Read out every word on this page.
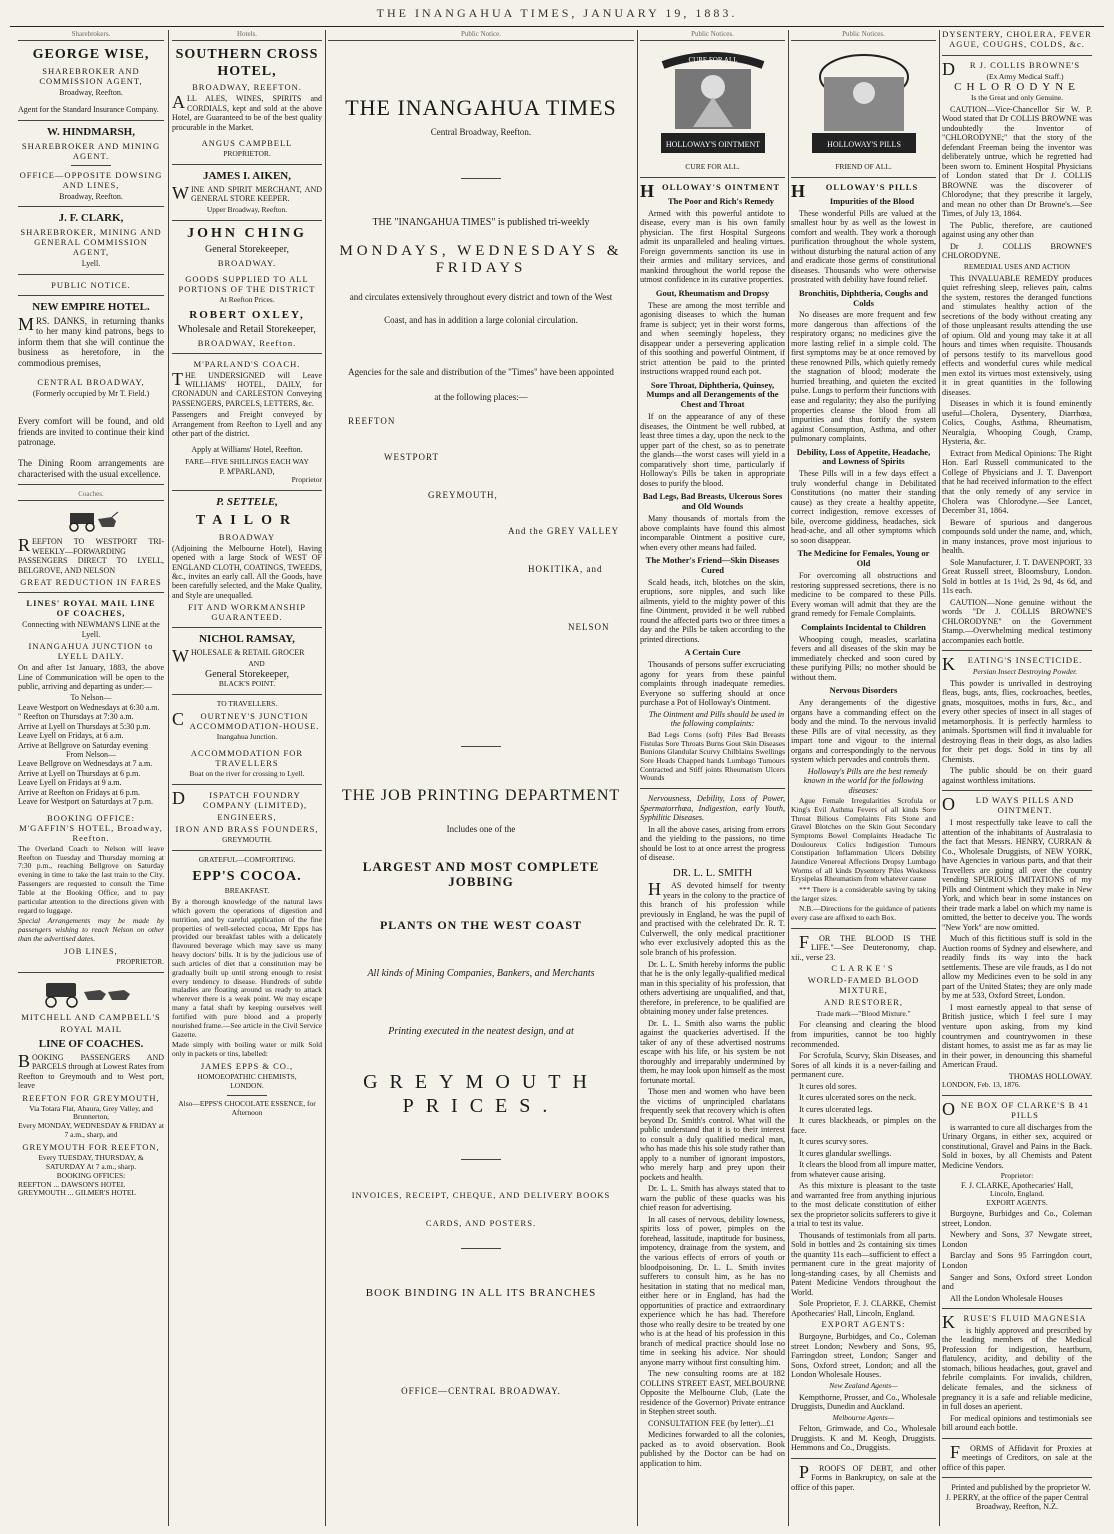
THE INANGAHUA TIMES, JANUARY 19, 1883.
Sharebrokers.
GEORGE WISE,
SHAREBROKER AND COMMISSION AGENT,
Broadway, Reefton.

Agent for the Standard Insurance Company.

W. HINDMARSH,
SHAREBROKER AND MINING AGENT.
OFFICE—OPPOSITE DOWSING AND LINES,
Broadway, Reefton.
J. F. CLARK,
SHAREBROKER, MINING AND GENERAL COMMISSION AGENT,
Lyell.
PUBLIC NOTICE.
NEW EMPIRE HOTEL.

MRS. DANKS, in returning thanks to her many kind patrons, begs to inform them that she will continue the business as heretofore, in the commodious premises,

CENTRAL BROADWAY,
(Formerly occupied by Mr T. Field.)

Every comfort will be found, and old friends are invited to continue their kind patronage.

The Dining Room arrangements are characterised with the usual excellence.

Coaches.

REEFTON TO WESTPORT TRI-WEEKLY—FORWARDING PASSENGERS DIRECT TO LYELL, BELGROVE, AND NELSON

GREAT REDUCTION IN FARES
LINES' ROYAL MAIL LINE OF COACHES,
Connecting with NEWMAN'S LINE at the Lyell.
INANGAHUA JUNCTION to LYELL DAILY.

On and after 1st January, 1883, the above Line of Communication will be open to the public, arriving and departing as under:—

To Nelson—
Leave Westport on Wednesdays at 6:30 a.m.
" Reefton on Thursdays at 7:30 a.m.
Arrive at Lyell on Thursdays at 5:30 p.m.
Leave Lyell on Fridays, at 6 a.m.
Arrive at Bellgrove on Saturday evening
From Nelson—
Leave Bellgrove on Wednesdays at 7 a.m.
Arrive at Lyell on Thursdays at 6 p.m.
Leave Lyell on Fridays at 9 a.m.
Arrive at Reefton on Fridays at 6 p.m.
Leave for Westport on Saturdays at 7 p.m.
BOOKING OFFICE: M'GAFFIN'S HOTEL, Broadway, Reefton.

The Overland Coach to Nelson will leave Reefton on Tuesday and Thursday morning at 7:30 p.m., reaching Bellgrove on Saturday evening in time to take the last train to the City. Passengers are requested to consult the Time Table at the Booking Office, and to pay particular attention to the directions given with regard to luggage.

Special Arrangements may be made by passengers wishing to reach Nelson on other than the advertised dates.

JOB LINES,
PROPRIETOR.
MITCHELL AND CAMPBELL'S
ROYAL MAIL
LINE OF COACHES.

BOOKING PASSENGERS AND PARCELS through at Lowest Rates from Reefton to Greymouth and to West port, leave

REEFTON FOR GREYMOUTH,
Via Totara Flat, Ahaura, Grey Valley, and Brunnerton,
Every MONDAY, WEDNESDAY & FRIDAY at 7 a.m., sharp, and
GREYMOUTH FOR REEFTON,
Every TUESDAY, THURSDAY, & SATURDAY At 7 a.m., sharp.
BOOKING OFFICES:
REEFTON ... DAWSON'S HOTEL
GREYMOUTH ... GILMER'S HOTEL
Hotels.
SOUTHERN CROSS HOTEL,
BROADWAY, REEFTON.

ALL ALES, WINES, SPIRITS and CORDIALS, kept and sold at the above Hotel, are Guaranteed to be of the best quality procurable in the Market.

ANGUS CAMPBELL
PROPRIETOR.
JAMES I. AIKEN,

WINE AND SPIRIT MERCHANT, AND GENERAL STORE KEEPER.

Upper Broadway, Reefton.
JOHN CHING
General Storekeeper,
BROADWAY.
GOODS SUPPLIED TO ALL PORTIONS OF THE DISTRICT
At Reefton Prices.
ROBERT OXLEY,
Wholesale and Retail Storekeeper,
BROADWAY, Reefton.
M'PARLAND'S COACH.

THE UNDERSIGNED will Leave WILLIAMS' HOTEL, DAILY, for CRONADUN and CARLESTON Conveying PASSENGERS, PARCELS, LETTERS, &c.

Passengers and Freight conveyed by Arrangement from Reefton to Lyell and any other part of the district.

Apply at Williams' Hotel, Reefton.
FARE—FIVE SHILLINGS EACH WAY
P. M'PARLAND,
Proprietor
P. SETTELE,
TAILOR
BROADWAY

(Adjoining the Melbourne Hotel), Having opened with a large Stock of WEST OF ENGLAND CLOTH, COATINGS, TWEEDS, &c., invites an early call. All the Goods, have been carefully selected, and the Make Quality, and Style are unequalled.

FIT AND WORKMANSHIP GUARANTEED.
NICHOL RAMSAY,

WHOLESALE & RETAIL GROCER

AND
General Storekeeper,
BLACK'S POINT.
TO TRAVELLERS.
COURTNEY'S JUNCTION ACCOMMODATION-HOUSE.
Inangahua Junction.
ACCOMMODATION FOR TRAVELLERS
Boat on the river for crossing to Lyell.
DISPATCH FOUNDRY COMPANY (LIMITED),
ENGINEERS,
IRON AND BRASS FOUNDERS,
GREYMOUTH.
GRATEFUL—COMFORTING.
EPP'S COCOA.
BREAKFAST.

By a thorough knowledge of the natural laws which govern the operations of digestion and nutrition, and by careful application of the fine properties of well-selected cocoa, Mr Epps has provided our breakfast tables with a delicately flavoured beverage which may save us many heavy doctors' bills. It is by the judicious use of such articles of diet that a constitution may be gradually built up until strong enough to resist every tendency to disease. Hundreds of subtle maladies are floating around us ready to attack wherever there is a weak point. We may escape many a fatal shaft by keeping ourselves well fortified with pure blood and a properly nourished frame.—See article in the Civil Service Gazette.

Made simply with boiling water or milk Sold only in packets or tins, labelled:

JAMES EPPS & CO.,
HOMOEOPATHIC CHEMISTS,
LONDON.
Also—EPPS'S CHOCOLATE ESSENCE, for Afternoon
Public Notice.
THE INANGAHUA TIMES
Central Broadway, Reefton.
THE "INANGAHUA TIMES" is published tri-weekly
MONDAYS, WEDNESDAYS & FRIDAYS
and circulates extensively throughout every district and town of the West
Coast, and has in addition a large colonial circulation.
Agencies for the sale and distribution of the "Times" have been appointed
at the following places:—
REEFTON
WESTPORT
GREYMOUTH,
And the GREY VALLEY
HOKITIKA, and
NELSON
THE JOB PRINTING DEPARTMENT
Includes one of the
LARGEST AND MOST COMPLETE JOBBING
PLANTS ON THE WEST COAST
All kinds of Mining Companies, Bankers, and Merchants
Printing executed in the neatest design, and at
GREYMOUTH PRICES.
INVOICES, RECEIPT, CHEQUE, AND DELIVERY BOOKS
CARDS, AND POSTERS.
BOOK BINDING IN ALL ITS BRANCHES
OFFICE—CENTRAL BROADWAY.
Public Notices.
CURE FOR ALL
HOLLOWAY'S OINTMENT
CURE FOR ALL.
HOLLOWAY'S OINTMENT
The Poor and Rich's Remedy

Armed with this powerful antidote to disease, every man is his own family physician. The first Hospital Surgeons admit its unparalleled and healing virtues. Foreign governments sanction its use in their armies and military services, and mankind throughout the world repose the utmost confidence in its curative properties.

Gout, Rheumatism and Dropsy

These are among the most terrible and agonising diseases to which the human frame is subject; yet in their worst forms, and when seemingly hopeless, they disappear under a persevering application of this soothing and powerful Ointment, if strict attention be paid to the printed instructions wrapped round each pot.

Sore Throat, Diphtheria, Quinsey, Mumps and all Derangements of the Chest and Throat

If on the appearance of any of these diseases, the Ointment be well rubbed, at least three times a day, upon the neck to the upper part of the chest, so as to penetrate the glands—the worst cases will yield in a comparatively short time, particularly if Holloway's Pills be taken in appropriate doses to purify the blood.

Bad Legs, Bad Breasts, Ulcerous Sores and Old Wounds

Many thousands of mortals from the above complaints have found this almost incomparable Ointment a positive cure, when every other means had failed.

The Mother's Friend—Skin Diseases Cured

Scald heads, itch, blotches on the skin, eruptions, sore nipples, and such like ailments, yield to the mighty power of this fine Ointment, provided it be well rubbed round the affected parts two or three times a day and the Pills be taken according to the printed directions.

A Certain Cure

Thousands of persons suffer excruciating agony for years from these painful complaints through inadequate remedies. Everyone so suffering should at once purchase a Pot of Holloway's Ointment.

The Ointment and Pills should be used in the following complaints:

Bad Legs Corns (soft) Piles Bad Breasts Fistulas Sore Throats Burns Gout Skin Diseases Bunions Glandular Scurvy Chilblains Swellings Sore Heads Chapped hands Lumbago Tumours Contracted and Stiff joints Rheumatism Ulcers Wounds

Nervousness, Debility, Loss of Power, Spermatorrhœa, Indigestion, early Youth, Syphilitic Diseases.

In all the above cases, arising from errors and the yielding to the passions, no time should be lost to at once arrest the progress of disease.

DR. L. L. SMITH

HAS devoted himself for twenty years in the colony to the practice of this branch of his profession while previously in England, he was the pupil of and practised with the celebrated Dr. R. T. Culverwell, the only medical practitioner who ever exclusively adopted this as the sole branch of his profession.

Dr. L. L. Smith hereby informs the public that he is the only legally-qualified medical man in this speciality of his profession, that others advertising are unqualified, and that, therefore, in preference, to be qualified are obtaining money under false pretences.

Dr. L. L. Smith also warns the public against the quackeries advertised. If the taker of any of these advertised nostrums escape with his life, or his system be not thoroughly and irreparably undermined by them, he may look upon himself as the most fortunate mortal.

Those men and women who have been the victims of unprincipled charlatans frequently seek that recovery which is often beyond Dr. Smith's control. What will the public understand that it is to their interest to consult a duly qualified medical man, who has made this his sole study rather than apply to a number of ignorant impostors, who merely harp and prey upon their pockets and health.

Dr. L. L. Smith has always stated that to warn the public of these quacks was his chief reason for advertising.

In all cases of nervous, debility lowness, spirits loss of power, pimples on the forehead, lassitude, inaptitude for business, impotency, drainage from the system, and the various effects of errors of youth or bloodpoisoning. Dr. L. L. Smith invites sufferers to consult him, as he has no hesitation in stating that no medical man, either here or in England, has had the opportunities of practice and extraordinary experience which he has had. Therefore those who really desire to be treated by one who is at the head of his profession in this branch of medical practice should lose no time in seeking his advice. Nor should anyone marry without first consulting him.

The new consulting rooms are at 182 COLLINS STREET EAST, MELBOURNE Opposite the Melbourne Club, (Late the residence of the Governor) Private entrance in Stephen street south.

CONSULTATION FEE (by letter)...£1

Medicines forwarded to all the colonies, packed as to avoid observation. Book published by the Doctor can be had on application to him.

Public Notices.
HOLLOWAY'S PILLS
FRIEND OF ALL.
HOLLOWAY'S PILLS
Impurities of the Blood

These wonderful Pills are valued at the smallest hour by as well as the lowest in comfort and wealth. They work a thorough purification throughout the whole system, without disturbing the natural action of any and eradicate those germs of constitutional diseases. Thousands who were otherwise prostrated with debility have found relief.

Bronchitis, Diphtheria, Coughs and Colds

No diseases are more frequent and few more dangerous than affections of the respiratory organs; no medicines give the more lasting relief in a simple cold. The first symptoms may be at once removed by these renowned Pills, which quietly remedy the stagnation of blood; moderate the hurried breathing, and quieten the excited pulse. Lungs to perform their functions with ease and regularity; they also the purifying properties cleanse the blood from all impurities and thus fortify the system against Consumption, Asthma, and other pulmonary complaints.

Debility, Loss of Appetite, Headache, and Lowness of Spirits

These Pills will in a few days effect a truly wonderful change in Debilitated Constitutions (no matter their standing cause) as they create a healthy appetite, correct indigestion, remove excesses of bile, overcome giddiness, headaches, sick head-ache, and all other symptoms which so soon disappear.

The Medicine for Females, Young or Old

For overcoming all obstructions and restoring suppressed secretions, there is no medicine to be compared to these Pills. Every woman will admit that they are the grand remedy for Female Complaints.

Complaints Incidental to Children

Whooping cough, measles, scarlatina fevers and all diseases of the skin may be immediately checked and soon cured by these purifying Pills; no mother should be without them.

Nervous Disorders

Any derangements of the digestive organs have a commanding effect on the body and the mind. To the nervous invalid these Pills are of vital necessity, as they impart tone and vigour to the internal organs and correspondingly to the nervous system which pervades and controls them.

Holloway's Pills are the best remedy known in the world for the following diseases:

Ague Female Irregularities Scrofula or King's Evil Asthma Fevers of all kinds Sore Throat Bilious Complaints Fits Stone and Gravel Blotches on the Skin Gout Secondary Symptoms Bowel Complaints Headache Tic Douloureux Colics Indigestion Tumours Constipation Inflammation Ulcers Debility Jaundice Venereal Affections Dropsy Lumbago Worms of all kinds Dysentery Piles Weakness Erysipelas Rheumatism from whatever cause

*** There is a considerable saving by taking the larger sizes.

N.B.—Directions for the guidance of patients every case are affixed to each Box.

FOR THE BLOOD IS THE LIFE."—See Deuteronomy, chap. xii., verse 23.

CLARKE'S
WORLD-FAMED BLOOD MIXTURE,
AND RESTORER,
Trade mark—"Blood Mixture."

For cleansing and clearing the blood from impurities, cannot be too highly recommended.

For Scrofula, Scurvy, Skin Diseases, and Sores of all kinds it is a never-failing and permanent cure.

It cures old sores.

It cures ulcerated sores on the neck.

It cures ulcerated legs.

It cures blackheads, or pimples on the face.

It cures scurvy sores.

It cures glandular swellings.

It clears the blood from all impure matter, from whatever cause arising.

As this mixture is pleasant to the taste and warranted free from anything injurious to the most delicate constitution of either sex the proprietor solicits sufferers to give it a trial to test its value.

Thousands of testimonials from all parts. Sold in bottles and 2s containing six times the quantity 11s each—sufficient to effect a permanent cure in the great majority of long-standing cases, by all Chemists and Patent Medicine Vendors throughout the World.

Sole Proprietor, F. J. CLARKE, Chemist Apothecaries' Hall, Lincoln, England.

EXPORT AGENTS:

Burgoyne, Burbidges, and Co., Coleman street London; Newbery and Sons, 95, Farringdon street, London; Sanger and Sons, Oxford street, London; and all the London Wholesale Houses.

New Zealand Agents—

Kempthorne, Prosser, and Co., Wholesale Druggists, Dunedin and Auckland.

Melbourne Agents—

Felton, Grimwade, and Co., Wholesale Druggists. K and M. Keogh, Druggists. Hemmons and Co., Druggists.

PROOFS OF DEBT, and other Forms in Bankruptcy, on sale at the office of this paper.

DYSENTERY, CHOLERA, FEVER AGUE, COUGHS, COLDS, &c.
DR J. COLLIS BROWNE'S
(Ex Army Medical Staff.)
CHLORODYNE
Is the Great and only Genuine.

CAUTION—Vice-Chancellor Sir W. P. Wood stated that Dr COLLIS BROWNE was undoubtedly the Inventor of "CHLORODYNE;" that the story of the defendant Freeman being the inventor was deliberately untrue, which he regretted had been sworn to. Eminent Hospital Physicians of London stated that Dr J. COLLIS BROWNE was the discoverer of Chlorodyne; that they prescribe it largely, and mean no other than Dr Browne's.—See Times, of July 13, 1864.

The Public, therefore, are cautioned against using any other than

Dr J. COLLIS BROWNE'S CHLORODYNE.

REMEDIAL USES AND ACTION

This INVALUABLE REMEDY produces quiet refreshing sleep, relieves pain, calms the system, restores the deranged functions and stimulates healthy action of the secretions of the body without creating any of those unpleasant results attending the use of opium. Old and young may take it at all hours and times when requisite. Thousands of persons testify to its marvellous good effects and wonderful cures while medical men extol its virtues most extensively, using it in great quantities in the following diseases.

Diseases in which it is found eminently useful—Cholera, Dysentery, Diarrhœa, Colics, Coughs, Asthma, Rheumatism, Neuralgia, Whooping Cough, Cramp, Hysteria, &c.

Extract from Medical Opinions: The Right Hon. Earl Russell communicated to the College of Physicians and J. T. Davenport that he had received information to the effect that the only remedy of any service in Cholera was Chlorodyne.—See Lancet, December 31, 1864.

Beware of spurious and dangerous compounds sold under the name, and, which, in many instances, prove most injurious to health.

Sole Manufacturer, J. T. DAVENPORT, 33 Great Russell street, Bloomsbury, London. Sold in bottles at 1s 1½d, 2s 9d, 4s 6d, and 11s each.

CAUTION—None genuine without the words "Dr J. COLLIS BROWNE'S CHLORODYNE" on the Government Stamp.—Overwhelming medical testimony accompanies each bottle.

KEATING'S INSECTICIDE.
Persian Insect Destroying Powder.

This powder is unrivalled in destroying fleas, bugs, ants, flies, cockroaches, beetles, gnats, mosquitoes, moths in furs, &c., and every other species of insect in all stages of metamorphosis. It is perfectly harmless to animals. Sportsmen will find it invaluable for destroying fleas in their dogs, as also ladies for their pet dogs. Sold in tins by all Chemists.

The public should be on their guard against worthless imitations.

OLD WAYS PILLS AND OINTMENT.

I most respectfully take leave to call the attention of the inhabitants of Australasia to the fact that Messrs. HENRY, CURRAN & Co., Wholesale Druggists, of NEW YORK, have Agencies in various parts, and that their Travellers are going all over the country vending SPURIOUS IMITATIONS of my Pills and Ointment which they make in New York, and which bear in some instances on their trade mark a label on which my name is omitted, the better to deceive you. The words "New York" are now omitted.

Much of this fictitious stuff is sold in the Auction rooms of Sydney and elsewhere, and readily finds its way into the back settlements. These are vile frauds, as I do not allow my Medicines even to be sold in any part of the United States; they are only made by me at 533, Oxford Street, London.

I most earnestly appeal to that sense of British justice, which I feel sure I may venture upon asking, from my kind countrymen and countrywomen in these distant homes, to assist me as far as may lie in their power, in denouncing this shameful American Fraud.

THOMAS HOLLOWAY.
LONDON, Feb. 13, 1876.
ONE BOX OF CLARKE'S B 41 PILLS

is warranted to cure all discharges from the Urinary Organs, in either sex, acquired or constitutional, Gravel and Pains in the Back. Sold in boxes, by all Chemists and Patent Medicine Vendors.

Proprietor:
F. J. CLARKE, Apothecaries' Hall,
Lincoln, England.
EXPORT AGENTS.

Burgoyne, Burbidges and Co., Coleman street, London.

Newbery and Sons, 37 Newgate street, London

Barclay and Sons 95 Farringdon court, London

Sanger and Sons, Oxford street London and

All the London Wholesale Houses

KRUSE'S FLUID MAGNESIA

is highly approved and prescribed by the leading members of the Medical Profession for indigestion, heartburn, flatulency, acidity, and debility of the stomach, bilious headaches, gout, gravel and febrile complaints. For invalids, children, delicate females, and the sickness of pregnancy it is a safe and reliable medicine, in full doses an aperient.

For medical opinions and testimonials see bill around each bottle.

FORMS of Affidavit for Proxies at meetings of Creditors, on sale at the office of this paper.

Printed and published by the proprietor W. J. PERRY, at the office of the paper Central Broadway, Reefton, N.Z.
